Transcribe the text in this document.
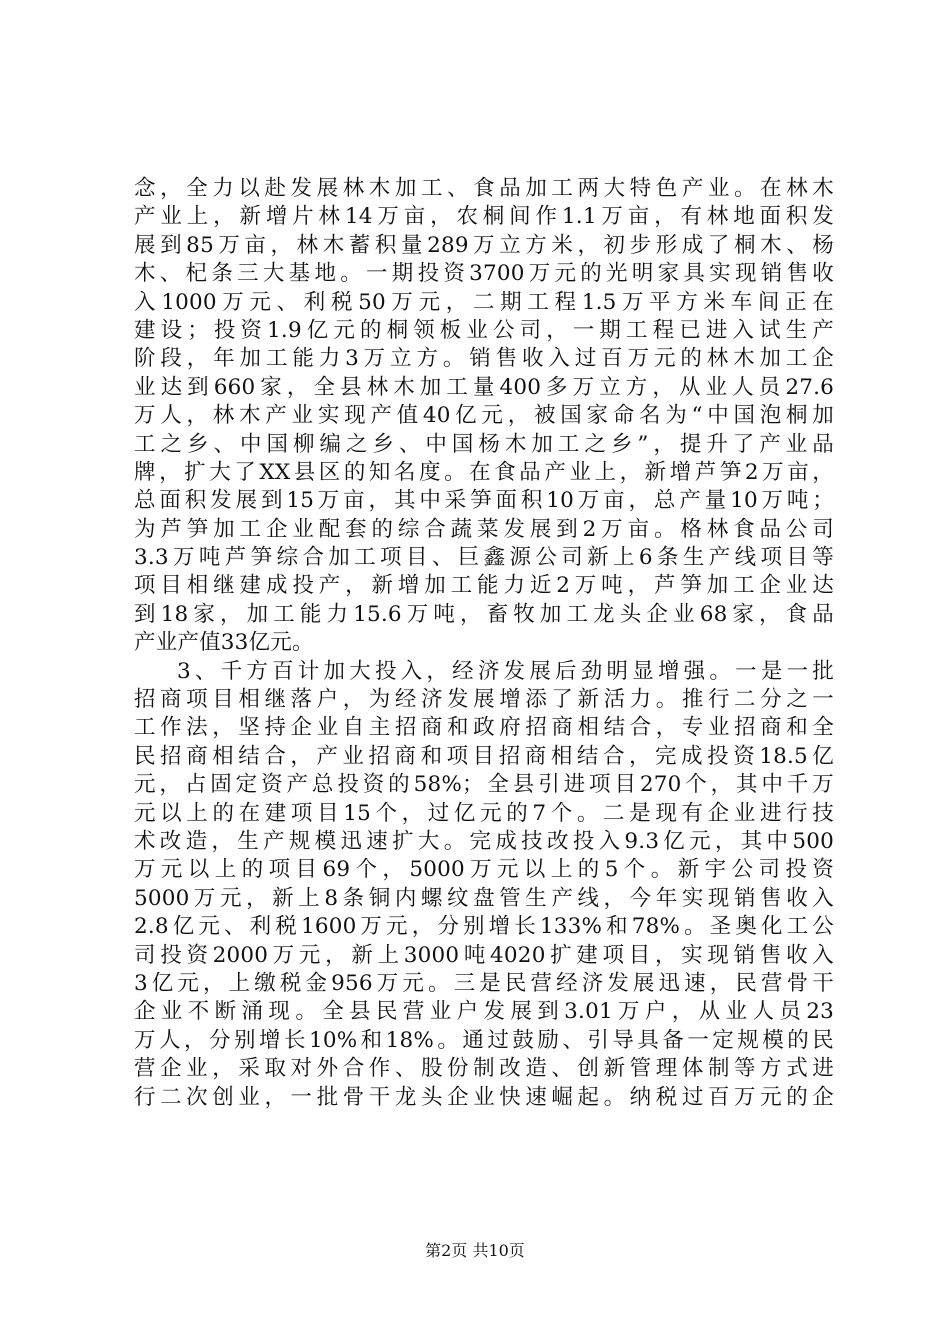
念，全力以赴发展林木加工、食品加工两大特色产业。在林木
产业上，新增片林14万亩，农桐间作1.1万亩，有林地面积发
展到85万亩，林木蓄积量289万立方米，初步形成了桐木、杨
木、杞条三大基地。一期投资3700万元的光明家具实现销售收
入1000万元、利税50万元，二期工程1.5万平方米车间正在
建设；投资1.9亿元的桐领板业公司，一期工程已进入试生产
阶段，年加工能力3万立方。销售收入过百万元的林木加工企
业达到660家，全县林木加工量400多万立方，从业人员27.6
万人，林木产业实现产值40亿元，被国家命名为“中国泡桐加
工之乡、中国柳编之乡、中国杨木加工之乡”，提升了产业品
牌，扩大了XX县区的知名度。在食品产业上，新增芦笋2万亩，
总面积发展到15万亩，其中采笋面积10万亩，总产量10万吨；
为芦笋加工企业配套的综合蔬菜发展到2万亩。格林食品公司
3.3万吨芦笋综合加工项目、巨鑫源公司新上6条生产线项目等
项目相继建成投产，新增加工能力近2万吨，芦笋加工企业达
到18家，加工能力15.6万吨，畜牧加工龙头企业68家，食品
产业产值33亿元。
3、千方百计加大投入，经济发展后劲明显增强。一是一批
招商项目相继落户，为经济发展增添了新活力。推行二分之一
工作法，坚持企业自主招商和政府招商相结合，专业招商和全
民招商相结合，产业招商和项目招商相结合，完成投资18.5亿
元，占固定资产总投资的58%；全县引进项目270个，其中千万
元以上的在建项目15个，过亿元的7个。二是现有企业进行技
术改造，生产规模迅速扩大。完成技改投入9.3亿元，其中500
万元以上的项目69个，5000万元以上的5个。新宇公司投资
5000万元，新上8条铜内螺纹盘管生产线，今年实现销售收入
2.8亿元、利税1600万元，分别增长133%和78%。圣奥化工公
司投资2000万元，新上3000吨4020扩建项目，实现销售收入
3亿元，上缴税金956万元。三是民营经济发展迅速，民营骨干
企业不断涌现。全县民营业户发展到3.01万户，从业人员23
万人，分别增长10%和18%。通过鼓励、引导具备一定规模的民
营企业，采取对外合作、股份制改造、创新管理体制等方式进
行二次创业，一批骨干龙头企业快速崛起。纳税过百万元的企
第2页 共10页
